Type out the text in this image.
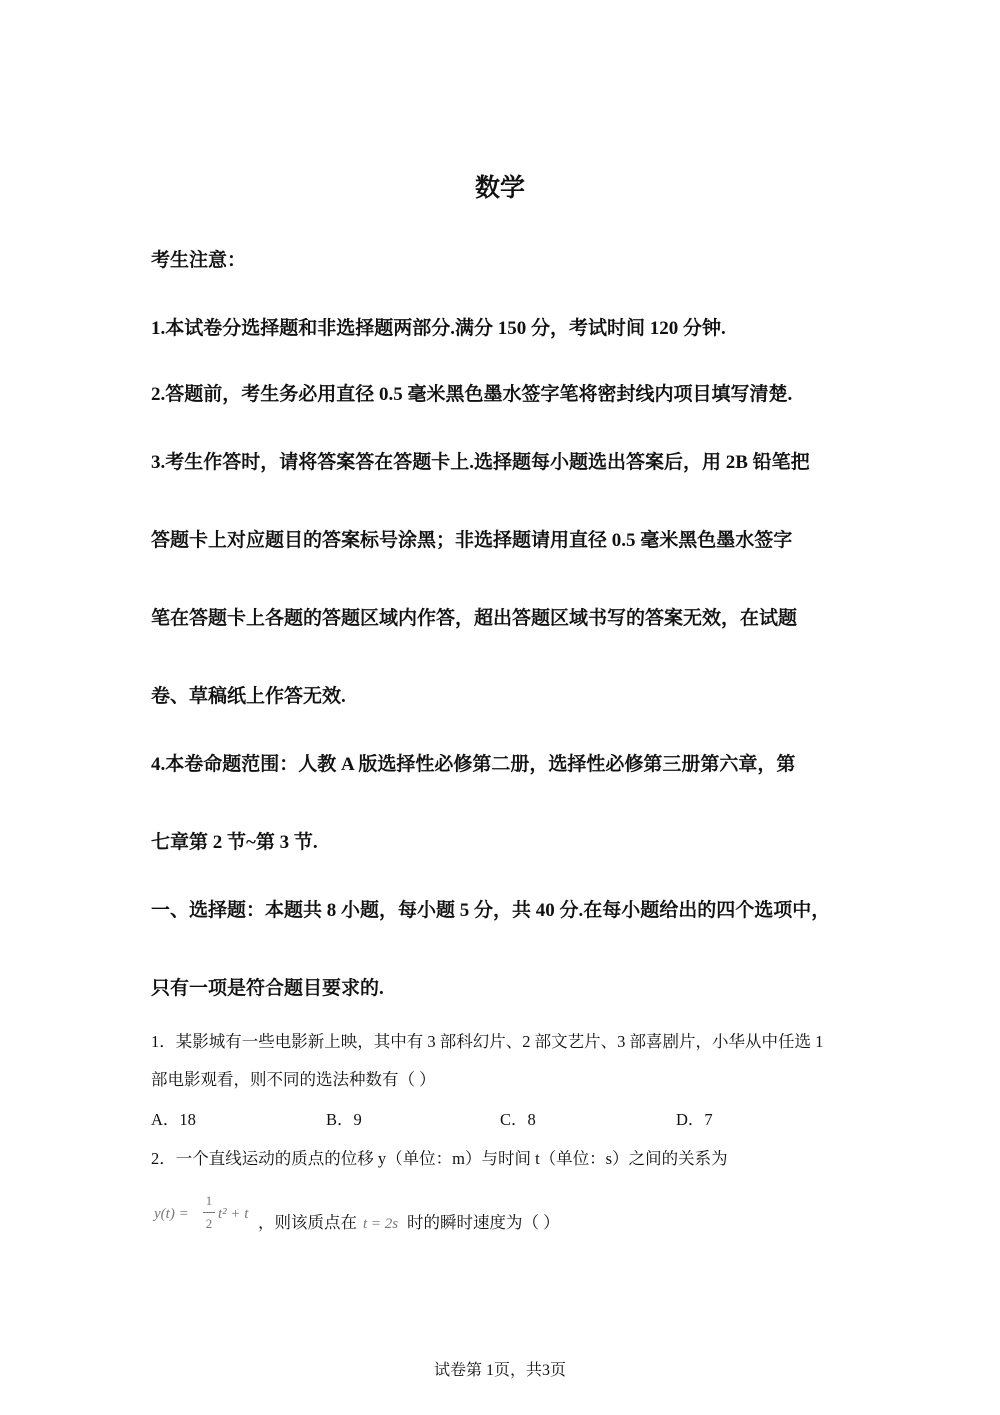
数学
考生注意：
1.本试卷分选择题和非选择题两部分.满分 150 分，考试时间 120 分钟.
2.答题前，考生务必用直径 0.5 毫米黑色墨水签字笔将密封线内项目填写清楚.
3.考生作答时，请将答案答在答题卡上.选择题每小题选出答案后，用 2B 铅笔把
答题卡上对应题目的答案标号涂黑；非选择题请用直径 0.5 毫米黑色墨水签字
笔在答题卡上各题的答题区域内作答，超出答题区域书写的答案无效，在试题
卷、草稿纸上作答无效.
4.本卷命题范围：人教 A 版选择性必修第二册，选择性必修第三册第六章，第
七章第 2 节~第 3 节.
一、选择题：本题共 8 小题，每小题 5 分，共 40 分.在每小题给出的四个选项中，
只有一项是符合题目要求的.
1．某影城有一些电影新上映，其中有 3 部科幻片、2 部文艺片、3 部喜剧片，小华从中任选 1
部电影观看，则不同的选法种数有（ ）
A．18	B．9	C．8	D．7
2．一个直线运动的质点的位移 y（单位：m）与时间 t（单位：s）之间的关系为
y(t) =
1
2
t² + t ，则该质点在 t = 2s 时的瞬时速度为（ ）
试卷第 1页，共3页
